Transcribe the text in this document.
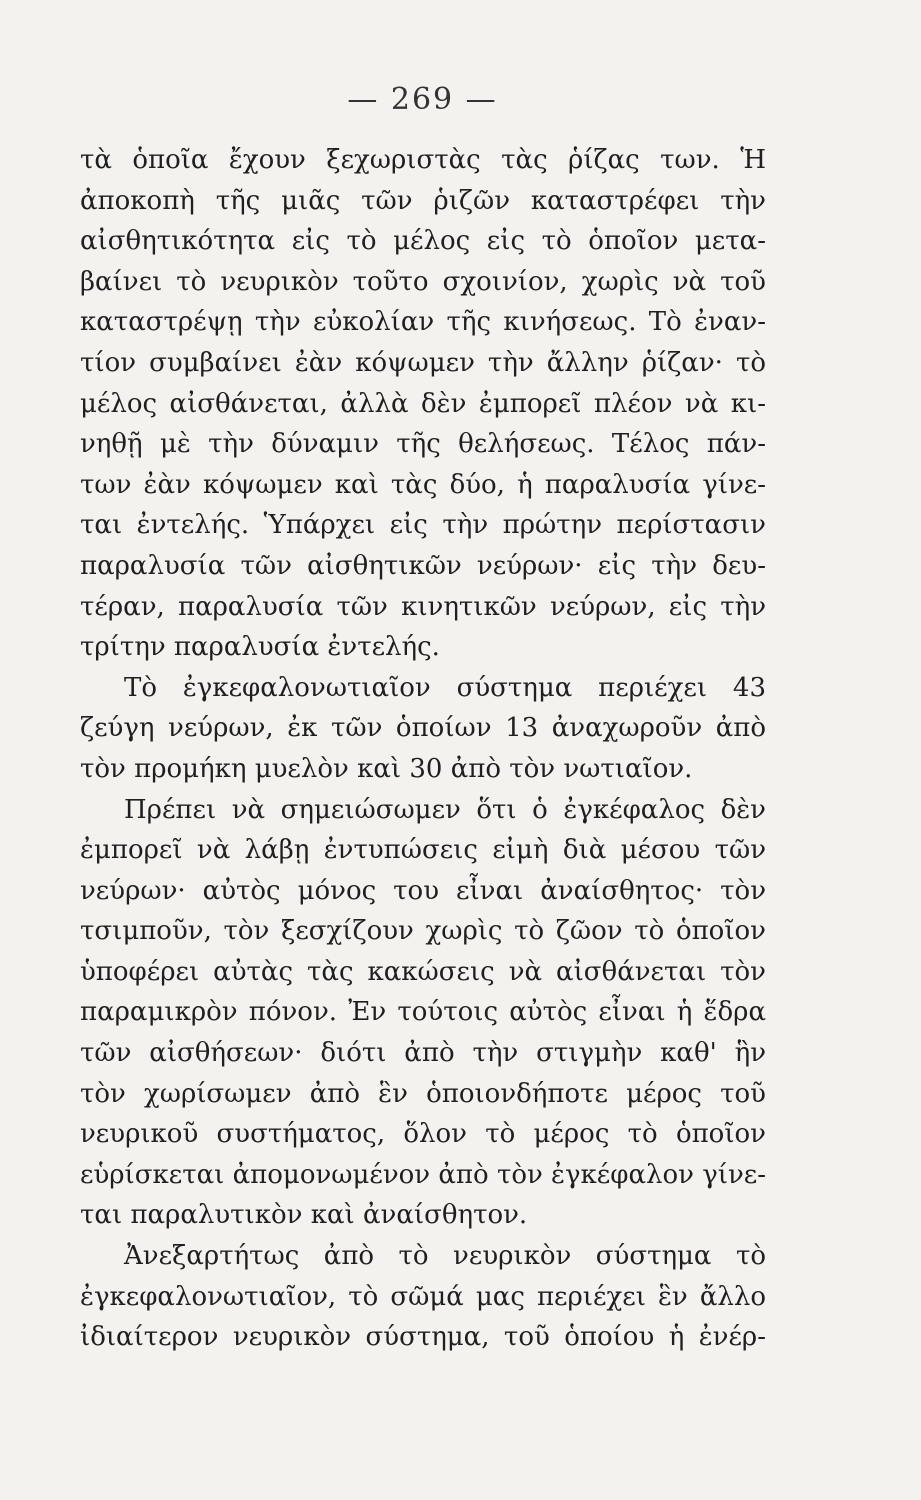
— 269 —
τὰ ὁποῖα ἔχουν ξεχωριστὰς τὰς ῥίζας των. Ἡ
ἀποκοπὴ τῆς μιᾶς τῶν ῥιζῶν καταστρέφει τὴν
αἰσθητικότητα εἰς τὸ μέλος εἰς τὸ ὁποῖον μετα-
βαίνει τὸ νευρικὸν τοῦτο σχοινίον, χωρὶς νὰ τοῦ
καταστρέψῃ τὴν εὐκολίαν τῆς κινήσεως. Τὸ ἐναν-
τίον συμβαίνει ἐὰν κόψωμεν τὴν ἄλλην ῥίζαν· τὸ
μέλος αἰσθάνεται, ἀλλὰ δὲν ἐμπορεῖ πλέον νὰ κι-
νηθῇ μὲ τὴν δύναμιν τῆς θελήσεως. Τέλος πάν-
των ἐὰν κόψωμεν καὶ τὰς δύο, ἡ παραλυσία γίνε-
ται ἐντελής. Ὑπάρχει εἰς τὴν πρώτην περίστασιν
παραλυσία τῶν αἰσθητικῶν νεύρων· εἰς τὴν δευ-
τέραν, παραλυσία τῶν κινητικῶν νεύρων, εἰς τὴν
τρίτην παραλυσία ἐντελής.
Τὸ ἐγκεφαλονωτιαῖον σύστημα περιέχει 43
ζεύγη νεύρων, ἐκ τῶν ὁποίων 13 ἀναχωροῦν ἀπὸ
τὸν προμήκη μυελὸν καὶ 30 ἀπὸ τὸν νωτιαῖον.
Πρέπει νὰ σημειώσωμεν ὅτι ὁ ἐγκέφαλος δὲν
ἐμπορεῖ νὰ λάβῃ ἐντυπώσεις εἰμὴ διὰ μέσου τῶν
νεύρων· αὐτὸς μόνος του εἶναι ἀναίσθητος· τὸν
τσιμποῦν, τὸν ξεσχίζουν χωρὶς τὸ ζῶον τὸ ὁποῖον
ὑποφέρει αὐτὰς τὰς κακώσεις νὰ αἰσθάνεται τὸν
παραμικρὸν πόνον. Ἐν τούτοις αὐτὸς εἶναι ἡ ἕδρα
τῶν αἰσθήσεων· διότι ἀπὸ τὴν στιγμὴν καθ' ἣν
τὸν χωρίσωμεν ἀπὸ ἓν ὁποιονδήποτε μέρος τοῦ
νευρικοῦ συστήματος, ὅλον τὸ μέρος τὸ ὁποῖον
εὑρίσκεται ἀπομονωμένον ἀπὸ τὸν ἐγκέφαλον γίνε-
ται παραλυτικὸν καὶ ἀναίσθητον.
Ἀνεξαρτήτως ἀπὸ τὸ νευρικὸν σύστημα τὸ
ἐγκεφαλονωτιαῖον, τὸ σῶμά μας περιέχει ἓν ἄλλο
ἰδιαίτερον νευρικὸν σύστημα, τοῦ ὁποίου ἡ ἐνέρ-
